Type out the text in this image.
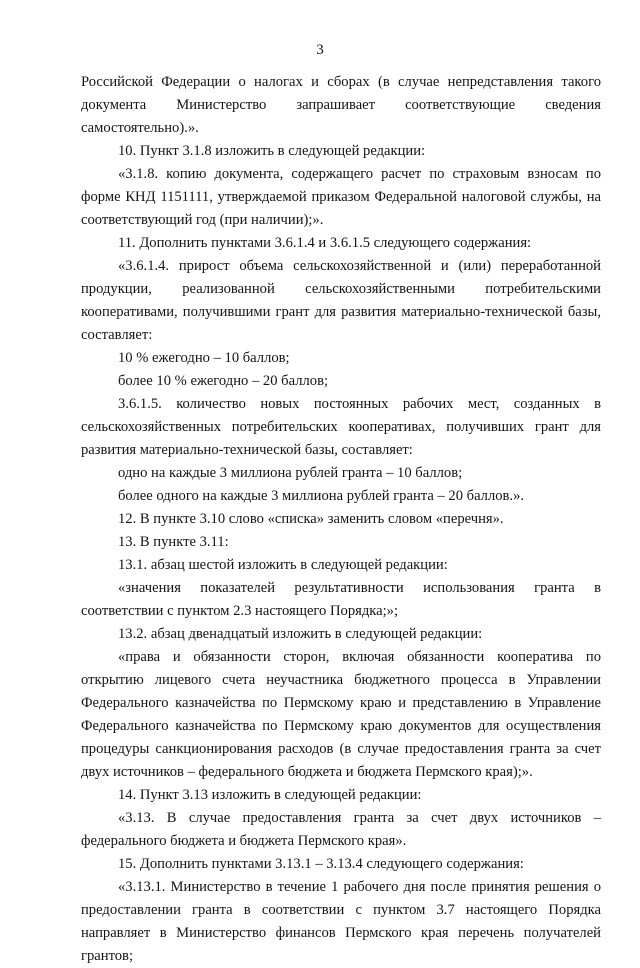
3

Российской Федерации о налогах и сборах (в случае непредставления такого документа Министерство запрашивает соответствующие сведения самостоятельно).».

10. Пункт 3.1.8 изложить в следующей редакции:

«3.1.8. копию документа, содержащего расчет по страховым взносам по форме КНД 1151111, утверждаемой приказом Федеральной налоговой службы, на соответствующий год (при наличии);».

11. Дополнить пунктами 3.6.1.4 и 3.6.1.5 следующего содержания:

«3.6.1.4. прирост объема сельскохозяйственной и (или) переработанной продукции, реализованной сельскохозяйственными потребительскими кооперативами, получившими грант для развития материально-технической базы, составляет:

10 % ежегодно – 10 баллов;

более 10 % ежегодно – 20 баллов;

3.6.1.5. количество новых постоянных рабочих мест, созданных в сельскохозяйственных потребительских кооперативах, получивших грант для развития материально-технической базы, составляет:

одно на каждые 3 миллиона рублей гранта – 10 баллов;

более одного на каждые 3 миллиона рублей гранта – 20 баллов.».

12. В пункте 3.10 слово «списка» заменить словом «перечня».

13. В пункте 3.11:

13.1. абзац шестой изложить в следующей редакции:

«значения показателей результативности использования гранта в соответствии с пунктом 2.3 настоящего Порядка;»;

13.2. абзац двенадцатый изложить в следующей редакции:

«права и обязанности сторон, включая обязанности кооператива по открытию лицевого счета неучастника бюджетного процесса в Управлении Федерального казначейства по Пермскому краю и представлению в Управление Федерального казначейства по Пермскому краю документов для осуществления процедуры санкционирования расходов (в случае предоставления гранта за счет двух источников – федерального бюджета и бюджета Пермского края);».

14. Пункт 3.13 изложить в следующей редакции:

«3.13. В случае предоставления гранта за счет двух источников – федерального бюджета и бюджета Пермского края».

15. Дополнить пунктами 3.13.1 – 3.13.4 следующего содержания:

«3.13.1. Министерство в течение 1 рабочего дня после принятия решения о предоставлении гранта в соответствии с пунктом 3.7 настоящего Порядка направляет в Министерство финансов Пермского края перечень получателей грантов;
